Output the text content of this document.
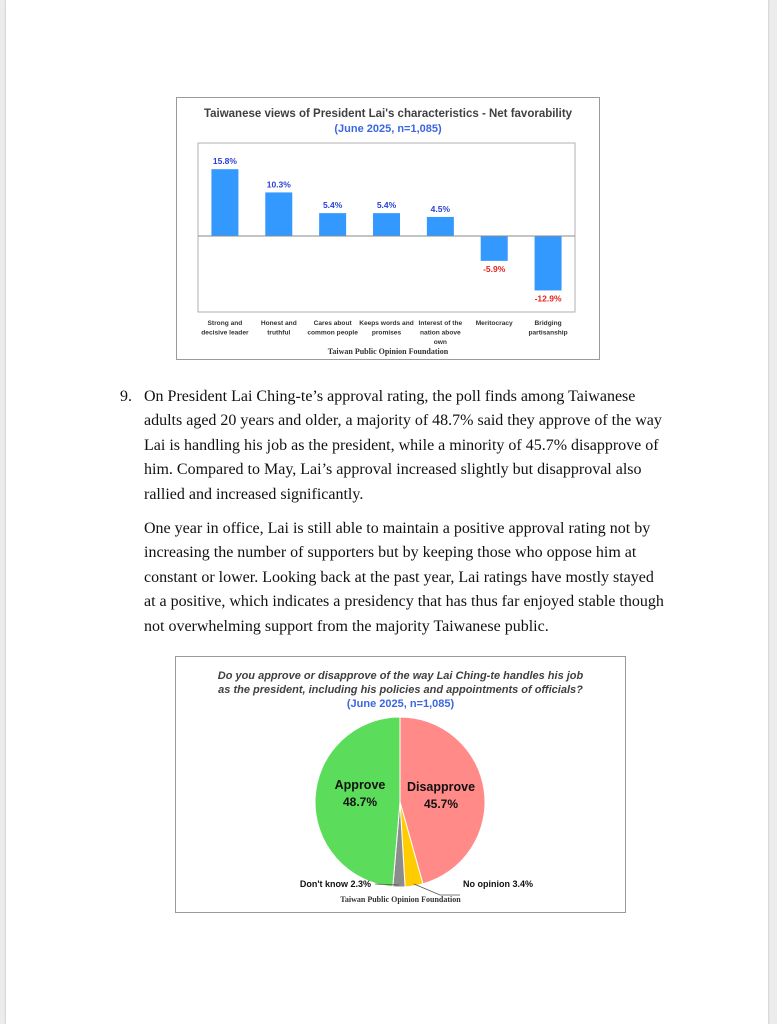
Taiwanese views of President Lai's characteristics - Net favorability
(June 2025, n=1,085)
15.8%
Strong and
decisive leader
10.3%
Honest and
truthful
5.4%
Cares about
common people
5.4%
Keeps words and
promises
4.5%
Interest of the
nation above
own
-5.9%
Meritocracy
-12.9%
Bridging
partisanship
Taiwan Public Opinion Foundation
9. On President Lai Ching-te’s approval rating, the poll finds among Taiwanese adults aged 20 years and older, a majority of 48.7% said they approve of the way Lai is handling his job as the president, while a minority of 45.7% disapprove of him. Compared to May, Lai’s approval increased slightly but disapproval also rallied and increased significantly.

One year in office, Lai is still able to maintain a positive approval rating not by increasing the number of supporters but by keeping those who oppose him at constant or lower. Looking back at the past year, Lai ratings have mostly stayed at a positive, which indicates a presidency that has thus far enjoyed stable though not overwhelming support from the majority Taiwanese public.

Do you approve or disapprove of the way Lai Ching-te handles his job
as the president, including his policies and appointments of officials?
(June 2025, n=1,085)
Disapprove
45.7%
Approve
48.7%
No opinion 3.4%
Don't know 2.3%
Taiwan Public Opinion Foundation
